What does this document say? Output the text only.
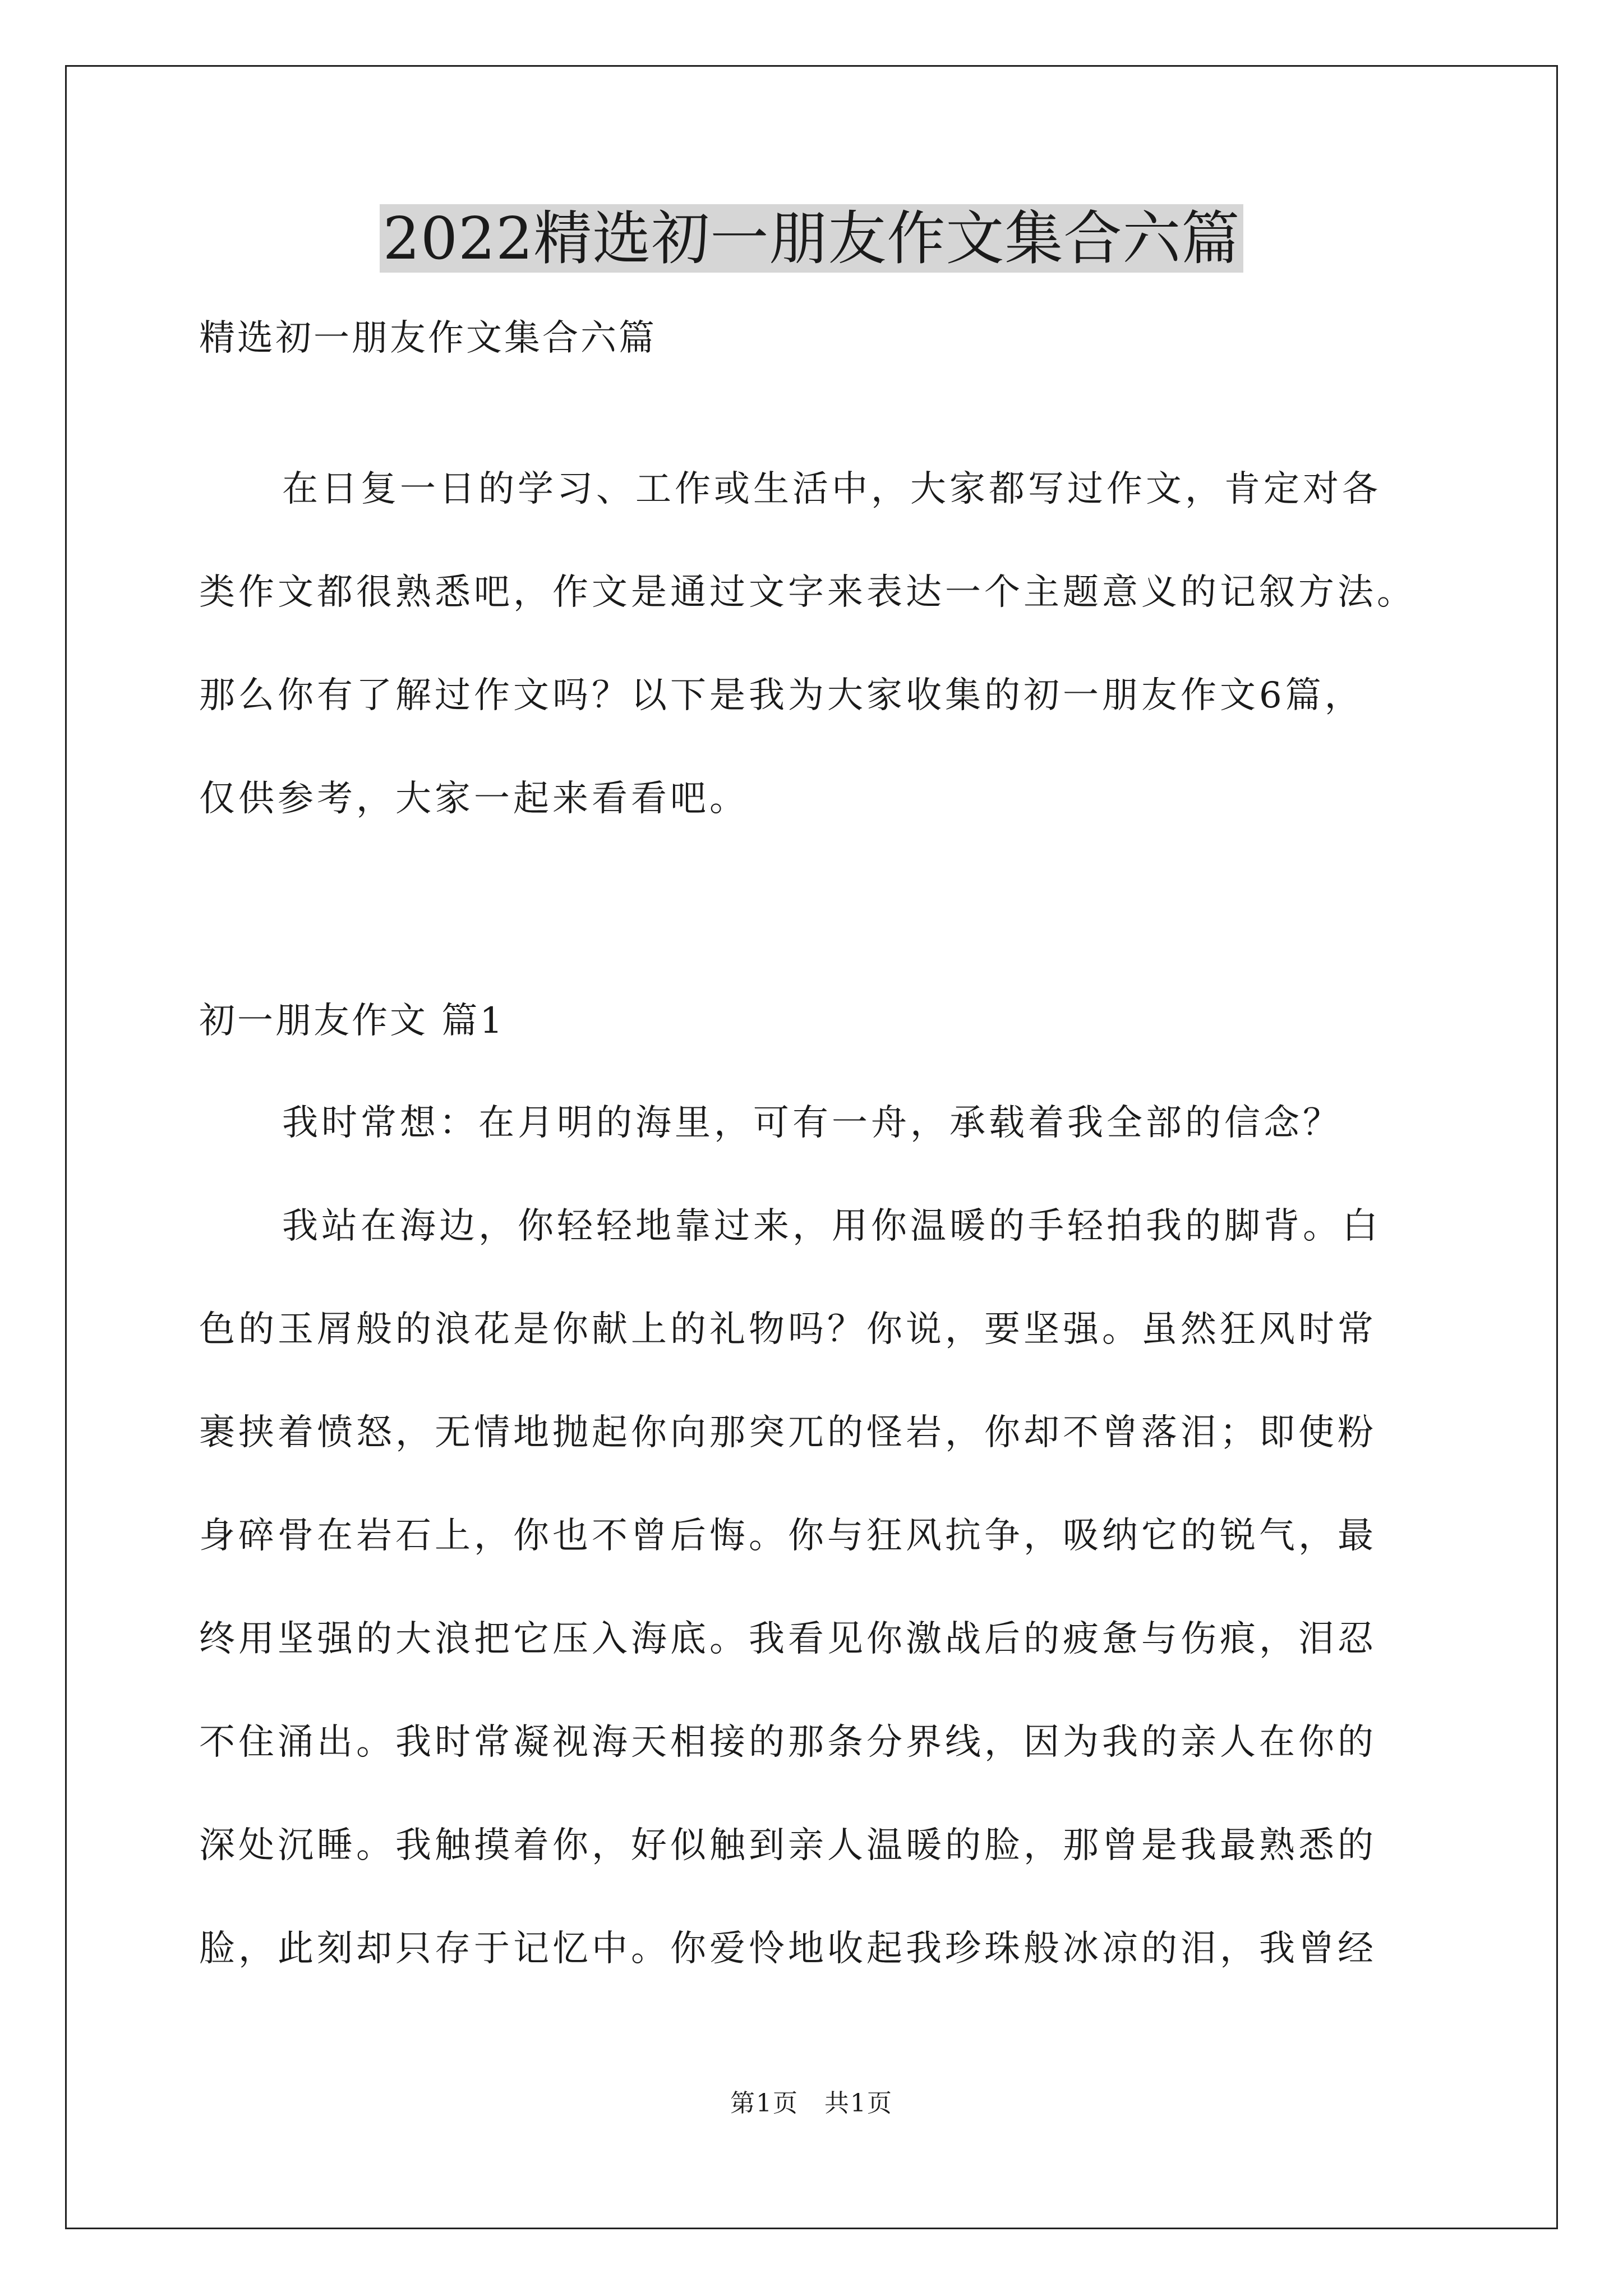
2022精选初一朋友作文集合六篇
精选初一朋友作文集合六篇
在日复一日的学习、工作或生活中，大家都写过作文，肯定对各
类作文都很熟悉吧，作文是通过文字来表达一个主题意义的记叙方法。
那么你有了解过作文吗？以下是我为大家收集的初一朋友作文6篇，
仅供参考，大家一起来看看吧。
初一朋友作文 篇1
我时常想：在月明的海里，可有一舟，承载着我全部的信念？
我站在海边，你轻轻地靠过来，用你温暖的手轻拍我的脚背。白
色的玉屑般的浪花是你献上的礼物吗？你说，要坚强。虽然狂风时常
裹挟着愤怒，无情地抛起你向那突兀的怪岩，你却不曾落泪；即使粉
身碎骨在岩石上，你也不曾后悔。你与狂风抗争，吸纳它的锐气，最
终用坚强的大浪把它压入海底。我看见你激战后的疲惫与伤痕，泪忍
不住涌出。我时常凝视海天相接的那条分界线，因为我的亲人在你的
深处沉睡。我触摸着你，好似触到亲人温暖的脸，那曾是我最熟悉的
脸，此刻却只存于记忆中。你爱怜地收起我珍珠般冰凉的泪，我曾经
第1页　共1页
